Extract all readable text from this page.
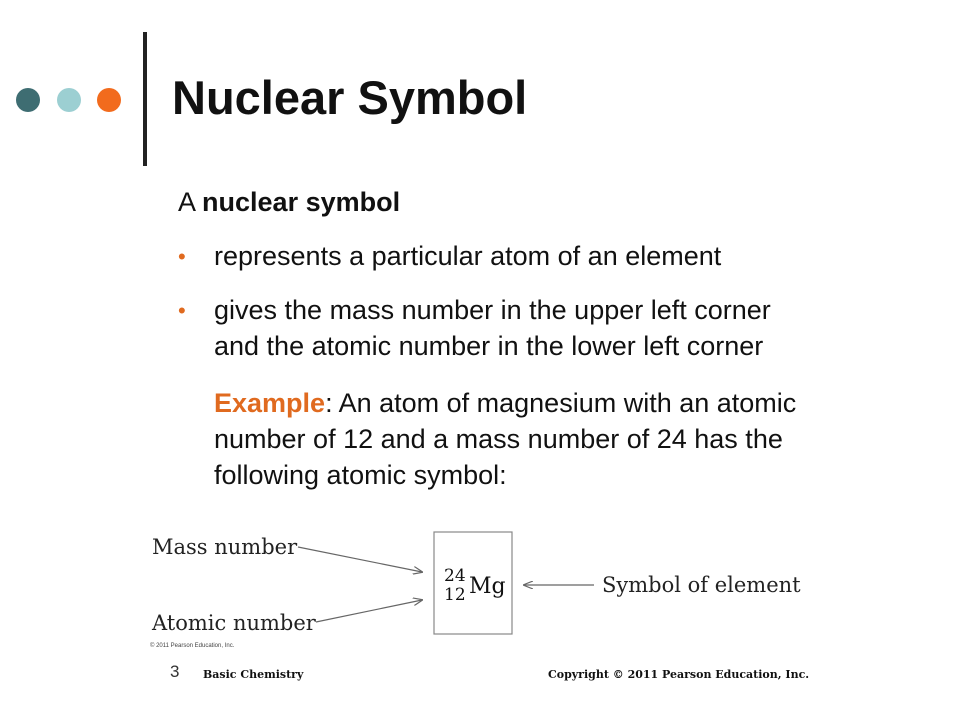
Nuclear Symbol
A nuclear symbol
• represents a particular atom of an element
• gives the mass number in the upper left corner
and the atomic number in the lower left corner
Example: An atom of magnesium with an atomic
number of 12 and a mass number of 24 has the
following atomic symbol:
Mass number
Atomic number
24
12 Mg	Symbol of element
© 2011 Pearson Education, Inc.
3 Basic Chemistry	Copyright © 2011 Pearson Education, Inc.
